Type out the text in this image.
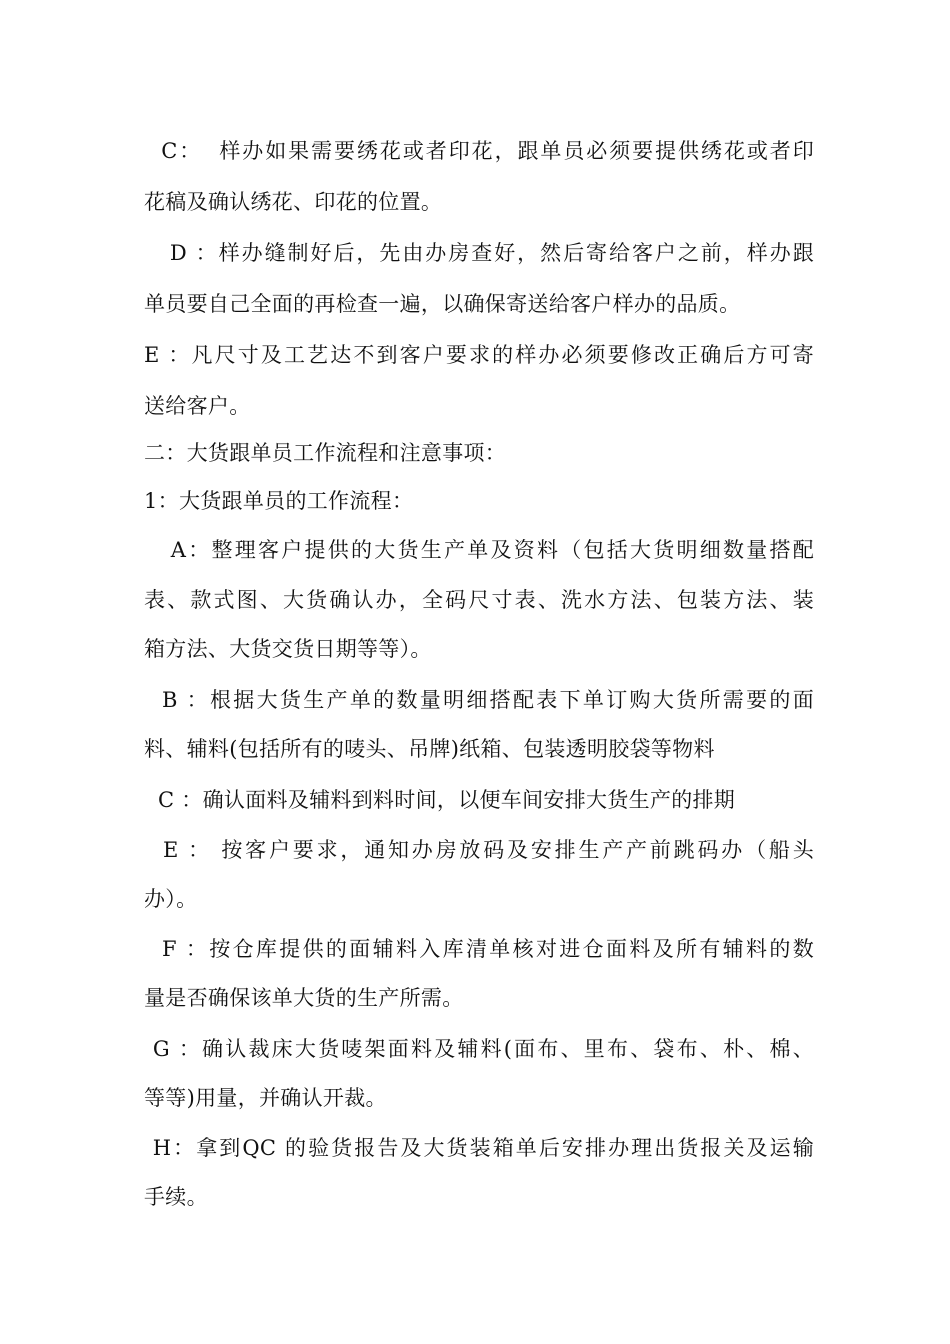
C：  样办如果需要绣花或者印花，跟单员必须要提供绣花或者印
花稿及确认绣花、印花的位置。
D ：样办缝制好后，先由办房查好，然后寄给客户之前，样办跟
单员要自己全面的再检查一遍，以确保寄送给客户样办的品质。
E ：凡尺寸及工艺达不到客户要求的样办必须要修改正确后方可寄
送给客户。
二：大货跟单员工作流程和注意事项：
1：大货跟单员的工作流程：
A：整理客户提供的大货生产单及资料（包括大货明细数量搭配
表、款式图、大货确认办，全码尺寸表、洗水方法、包装方法、装
箱方法、大货交货日期等等）。
B ：根据大货生产单的数量明细搭配表下单订购大货所需要的面
料、辅料(包括所有的唛头、吊牌)纸箱、包装透明胶袋等物料
C ：确认面料及辅料到料时间，以便车间安排大货生产的排期
E ： 按客户要求，通知办房放码及安排生产产前跳码办（船头
办）。
F ：按仓库提供的面辅料入库清单核对进仓面料及所有辅料的数
量是否确保该单大货的生产所需。
G ：确认裁床大货唛架面料及辅料(面布、里布、袋布、朴、棉、
等等)用量，并确认开裁。
H：拿到QC 的验货报告及大货装箱单后安排办理出货报关及运输
手续。
